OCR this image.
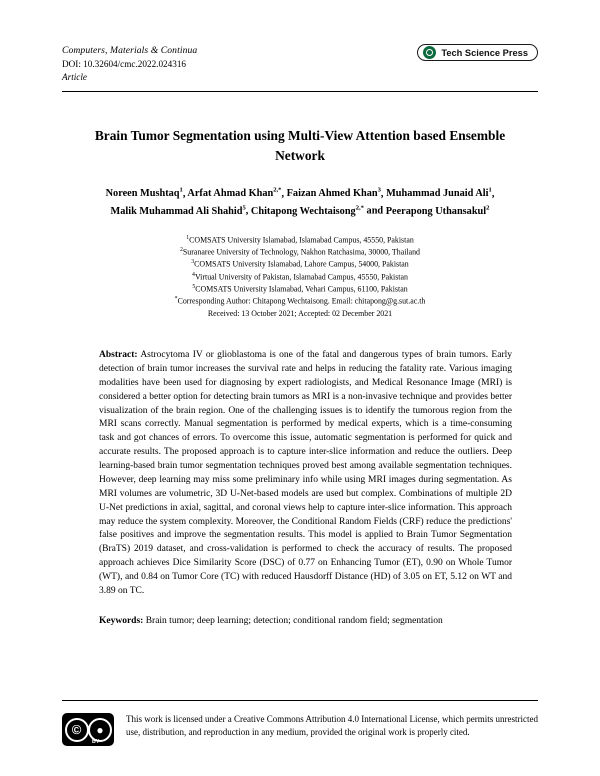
Computers, Materials & Continua
DOI: 10.32604/cmc.2022.024316
Article
Tech Science Press
Brain Tumor Segmentation using Multi-View Attention based Ensemble Network
Noreen Mushtaq$^1$, Arfat Ahmad Khan$^{2,*}$, Faizan Ahmed Khan$^3$, Muhammad Junaid Ali$^1$,
Malik Muhammad Ali Shahid$^5$, Chitapong Wechtaisong$^{2,*}$ and Peerapong Uthansakul$^2$
$^1$COMSATS University Islamabad, Islamabad Campus, 45550, Pakistan
$^2$Suranaree University of Technology, Nakhon Ratchasima, 30000, Thailand
$^3$COMSATS University Islamabad, Lahore Campus, 54000, Pakistan
$^4$Virtual University of Pakistan, Islamabad Campus, 45550, Pakistan
$^5$COMSATS University Islamabad, Vehari Campus, 61100, Pakistan
*Corresponding Author: Chitapong Wechtaisong. Email: chitapong@g.sut.ac.th
Received: 13 October 2021; Accepted: 02 December 2021
Abstract: Astrocytoma IV or glioblastoma is one of the fatal and dangerous types of brain tumors. Early detection of brain tumor increases the survival rate and helps in reducing the fatality rate. Various imaging modalities have been used for diagnosing by expert radiologists, and Medical Resonance Image (MRI) is considered a better option for detecting brain tumors as MRI is a non-invasive technique and provides better visualization of the brain region. One of the challenging issues is to identify the tumorous region from the MRI scans correctly. Manual segmentation is performed by medical experts, which is a time-consuming task and got chances of errors. To overcome this issue, automatic segmentation is performed for quick and accurate results. The proposed approach is to capture inter-slice information and reduce the outliers. Deep learning-based brain tumor segmentation techniques proved best among available segmentation techniques. However, deep learning may miss some preliminary info while using MRI images during segmentation. As MRI volumes are volumetric, 3D U-Net-based models are used but complex. Combinations of multiple 2D U-Net predictions in axial, sagittal, and coronal views help to capture inter-slice information. This approach may reduce the system complexity. Moreover, the Conditional Random Fields (CRF) reduce the predictions' false positives and improve the segmentation results. This model is applied to Brain Tumor Segmentation (BraTS) 2019 dataset, and cross-validation is performed to check the accuracy of results. The proposed approach achieves Dice Similarity Score (DSC) of 0.77 on Enhancing Tumor (ET), 0.90 on Whole Tumor (WT), and 0.84 on Tumor Core (TC) with reduced Hausdorff Distance (HD) of 3.05 on ET, 5.12 on WT and 3.89 on TC.
Keywords: Brain tumor; deep learning; detection; conditional random field; segmentation
©	●
BY
This work is licensed under a Creative Commons Attribution 4.0 International License, which permits unrestricted use, distribution, and reproduction in any medium, provided the original work is properly cited.
